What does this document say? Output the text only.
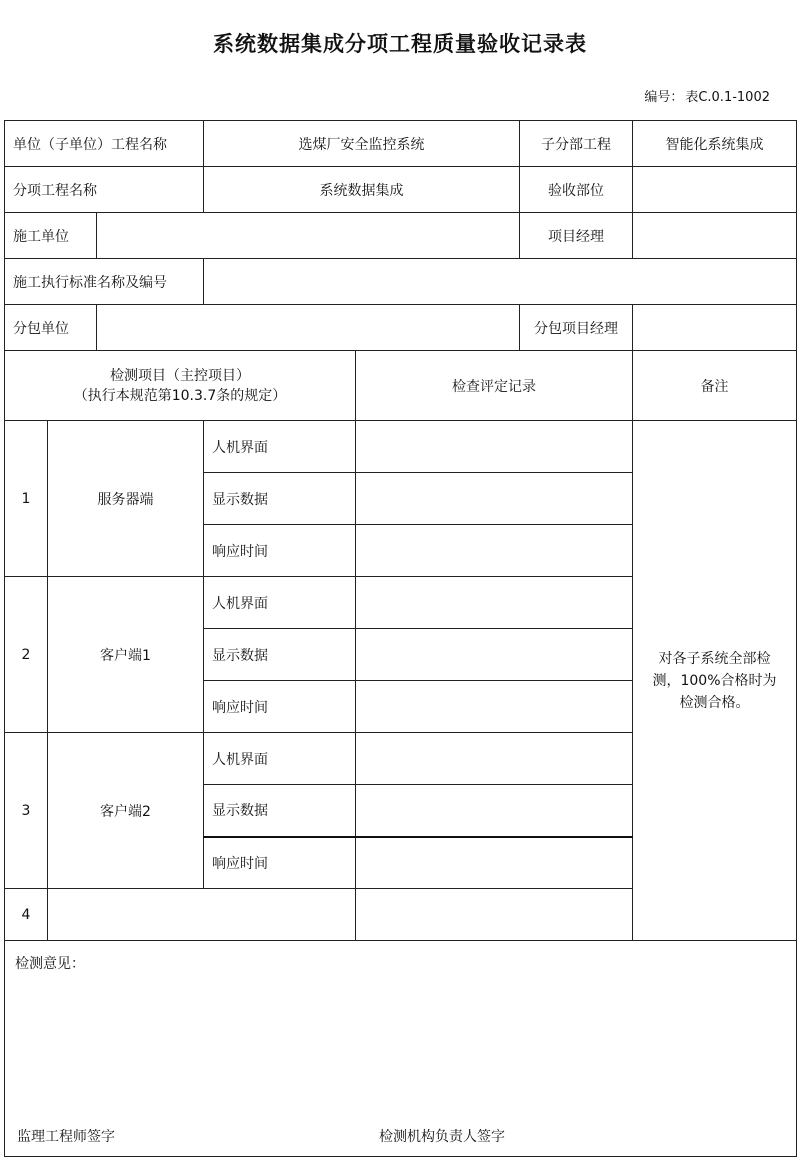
系统数据集成分项工程质量验收记录表
编号： 表C.0.1-1002
单位（子单位）工程名称			选煤厂安全监控系统		子分部工程	智能化系统集成
分项工程名称			系统数据集成		验收部位	
施工单位					项目经理	
施工执行标准名称及编号						
分包单位					分包项目经理	

检测项目（主控项目）
（执行本规范第10.3.7条的规定）				检查评定记录		备注
1	服务器端		人机界面			对各子系统全部检测，100%合格时为检测合格。
			显示数据			
			响应时间			
2	客户端1		人机界面			
			显示数据			
			响应时间			
3	客户端2		人机界面			
			显示数据			
			响应时间			
4						

检测意见：
监理工程师签字 检测机构负责人签字						
